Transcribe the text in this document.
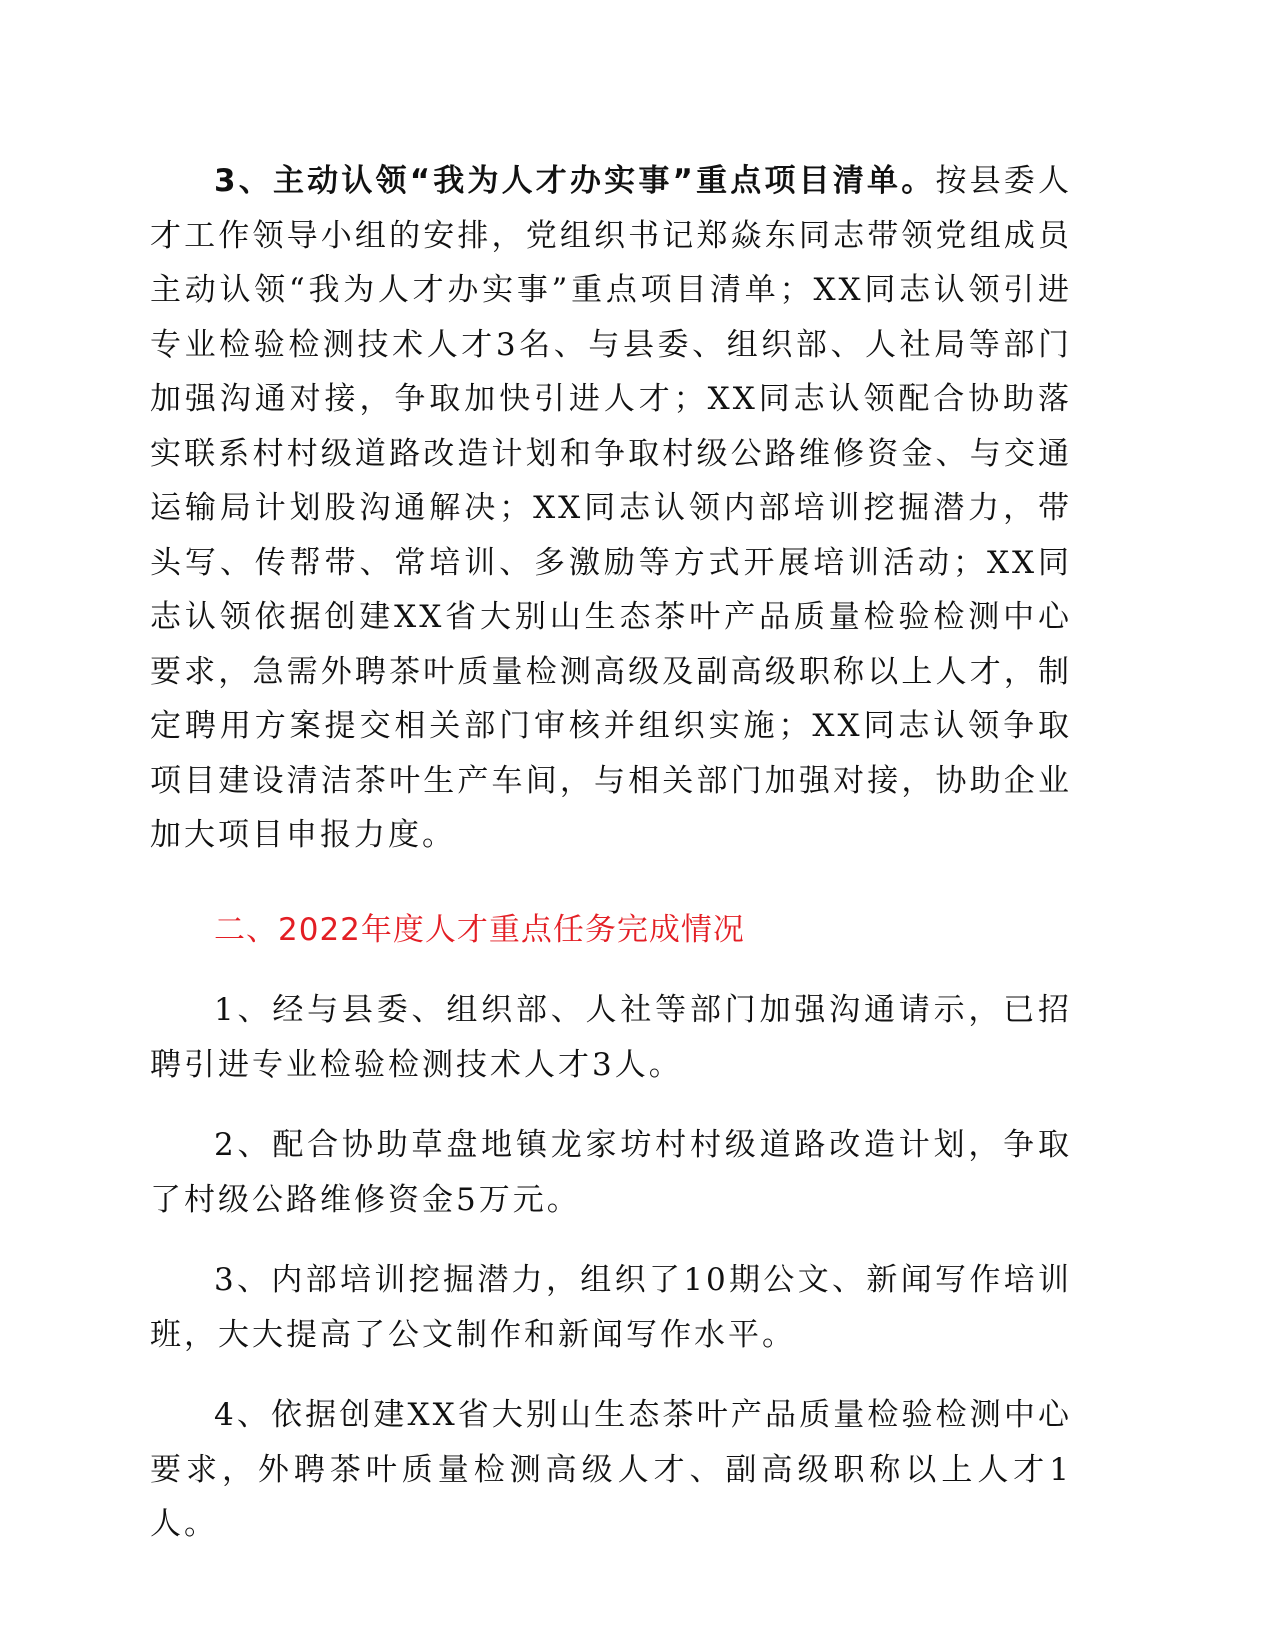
3、主动认领“我为人才办实事”重点项目清单。按县委人才工作领导小组的安排，党组织书记郑焱东同志带领党组成员主动认领“我为人才办实事”重点项目清单；XX同志认领引进专业检验检测技术人才3名、与县委、组织部、人社局等部门加强沟通对接，争取加快引进人才；XX同志认领配合协助落实联系村村级道路改造计划和争取村级公路维修资金、与交通运输局计划股沟通解决；XX同志认领内部培训挖掘潜力，带头写、传帮带、常培训、多激励等方式开展培训活动；XX同志认领依据创建XX省大别山生态茶叶产品质量检验检测中心要求，急需外聘茶叶质量检测高级及副高级职称以上人才，制定聘用方案提交相关部门审核并组织实施；XX同志认领争取项目建设清洁茶叶生产车间，与相关部门加强对接，协助企业加大项目申报力度。

二、2022年度人才重点任务完成情况

1、经与县委、组织部、人社等部门加强沟通请示，已招聘引进专业检验检测技术人才3人。

2、配合协助草盘地镇龙家坊村村级道路改造计划，争取了村级公路维修资金5万元。

3、内部培训挖掘潜力，组织了10期公文、新闻写作培训班，大大提高了公文制作和新闻写作水平。

4、依据创建XX省大别山生态茶叶产品质量检验检测中心要求，外聘茶叶质量检测高级人才、副高级职称以上人才1人。
